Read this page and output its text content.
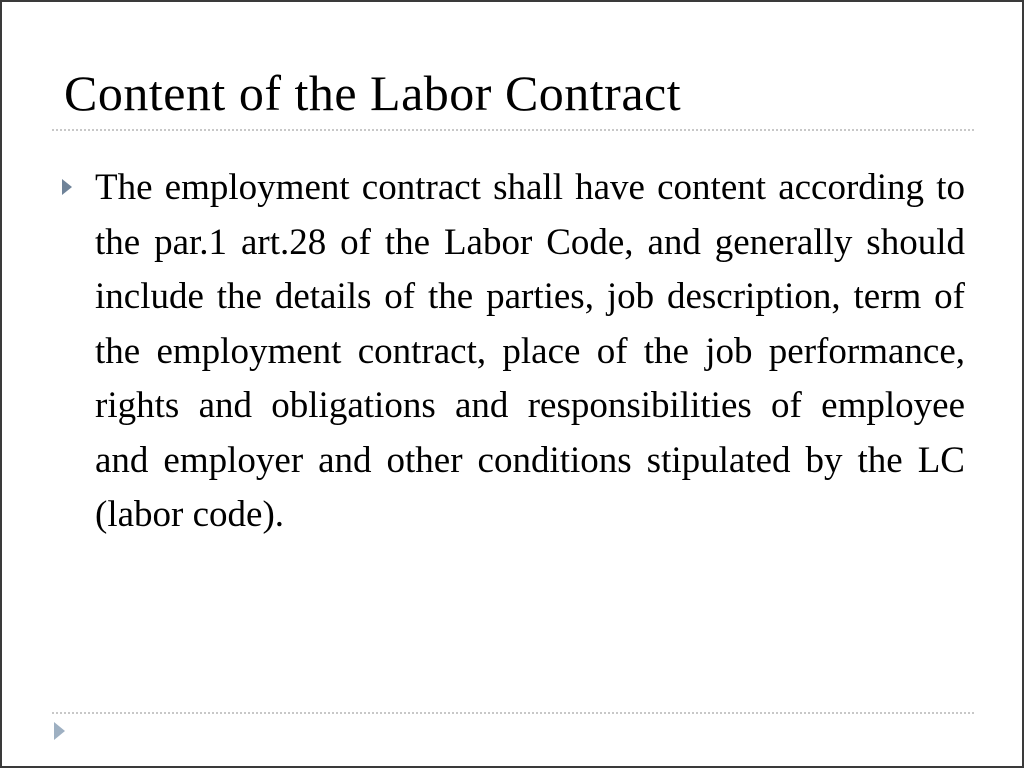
Content of the Labor Contract

The employment contract shall have content according to the par.1 art.28 of the Labor Code, and generally should include the details of the parties, job description, term of the employment contract, place of the job performance, rights and obligations and responsibilities of employee and employer and other conditions stipulated by the LC (labor code).
